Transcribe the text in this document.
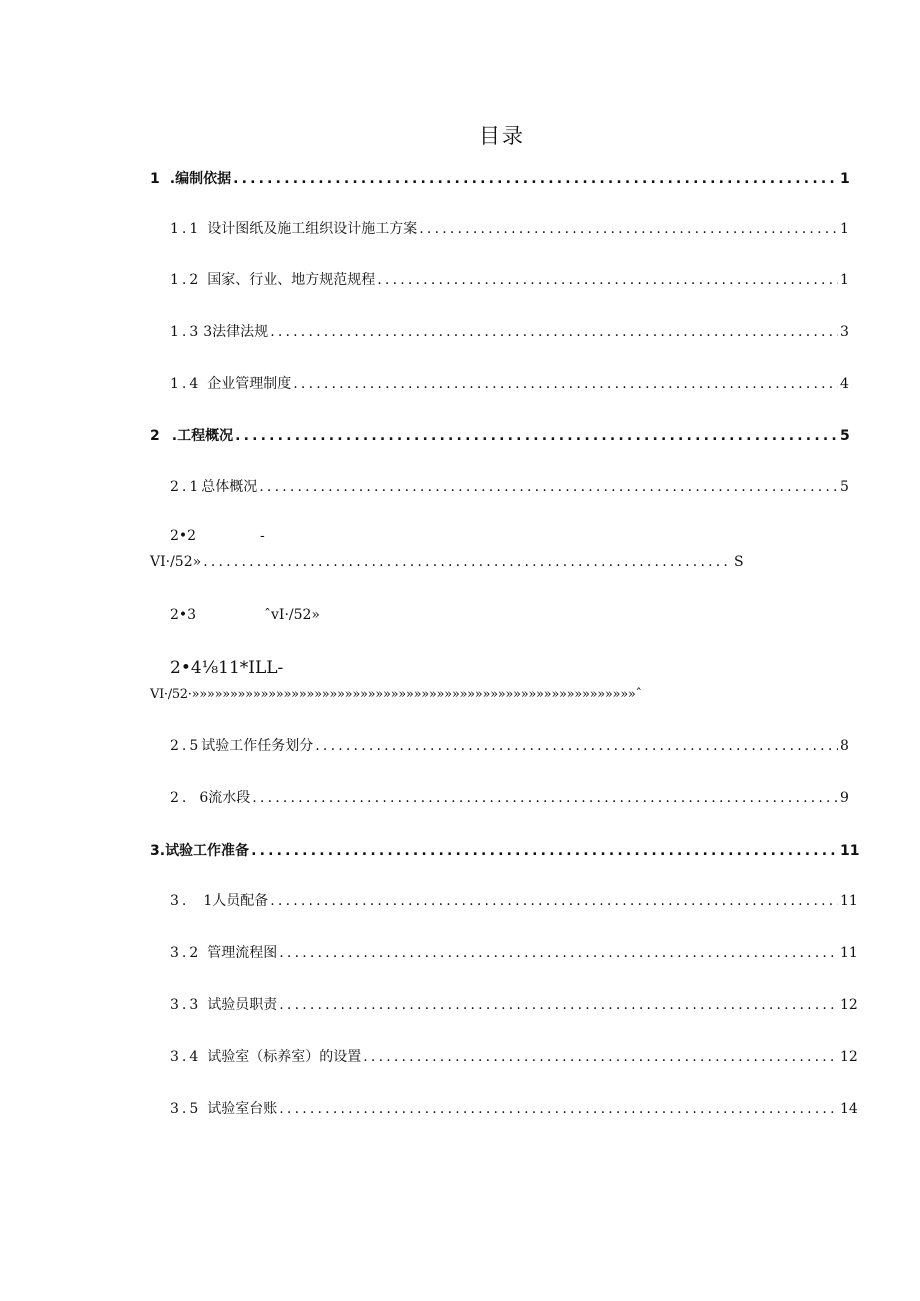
目录
1 .编制依据 .....	1
1.1 设计图纸及施工组织设计施工方案 .....	1
1.2 国家、行业、地方规范规程 .....	1
1.3 3法律法规 .....	3
1.4 企业管理制度 .....	4
2 .工程概况 .....	5
2.1 总体概况 .....	5
2•2	-
VI·/52» .....	S
2•3	ˆvI·/52»
2•4⅛11*ILL-
VI·/52·»»»»»»»»»»»»»»»»»»»»»»»»»»»»»»»»»»»»»»»»»»»»»»»»»»»»»»»»»»ˆ
2.5 试验工作任务划分 .....	8
2. 6流水段 .....	9
3. 试验工作准备 .....	11
3. 1人员配备 .....	11
3.2 管理流程图 .....	11
3.3 试验员职责 .....	12
3.4 试验室（标养室）的设置 .....	12
3.5 试验室台账 .....	14
